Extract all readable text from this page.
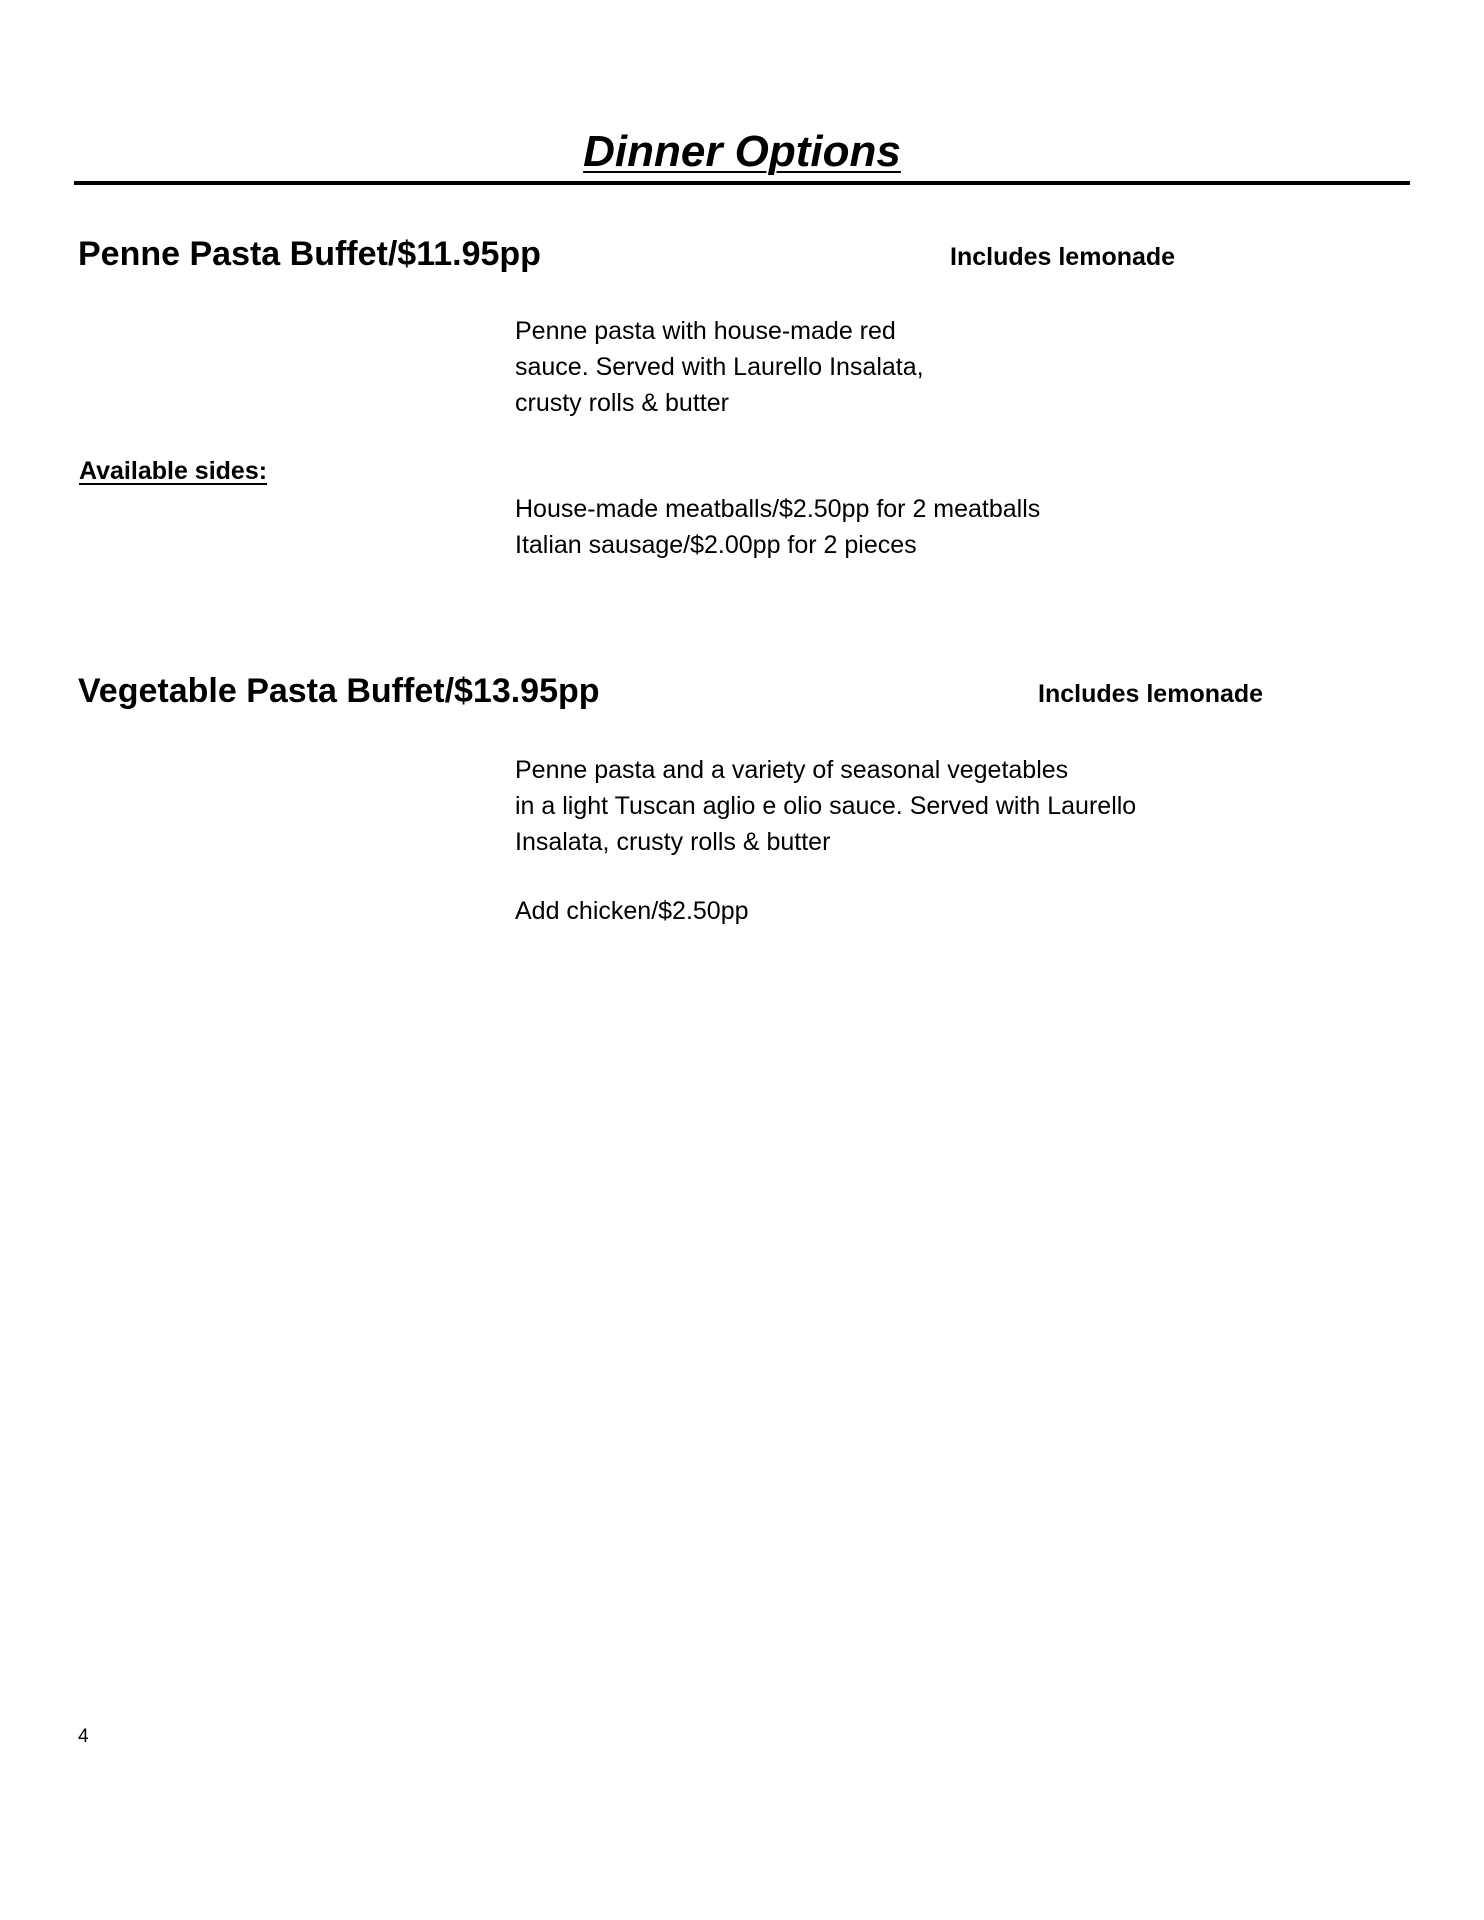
Dinner Options
Penne Pasta Buffet/$11.95pp	Includes lemonade
Penne pasta with house-made red
sauce. Served with Laurello Insalata,
crusty rolls & butter
Available sides:
House-made meatballs/$2.50pp for 2 meatballs
Italian sausage/$2.00pp for 2 pieces
Vegetable Pasta Buffet/$13.95pp	Includes lemonade
Penne pasta and a variety of seasonal vegetables
in a light Tuscan aglio e olio sauce. Served with Laurello
Insalata, crusty rolls & butter
Add chicken/$2.50pp
4
